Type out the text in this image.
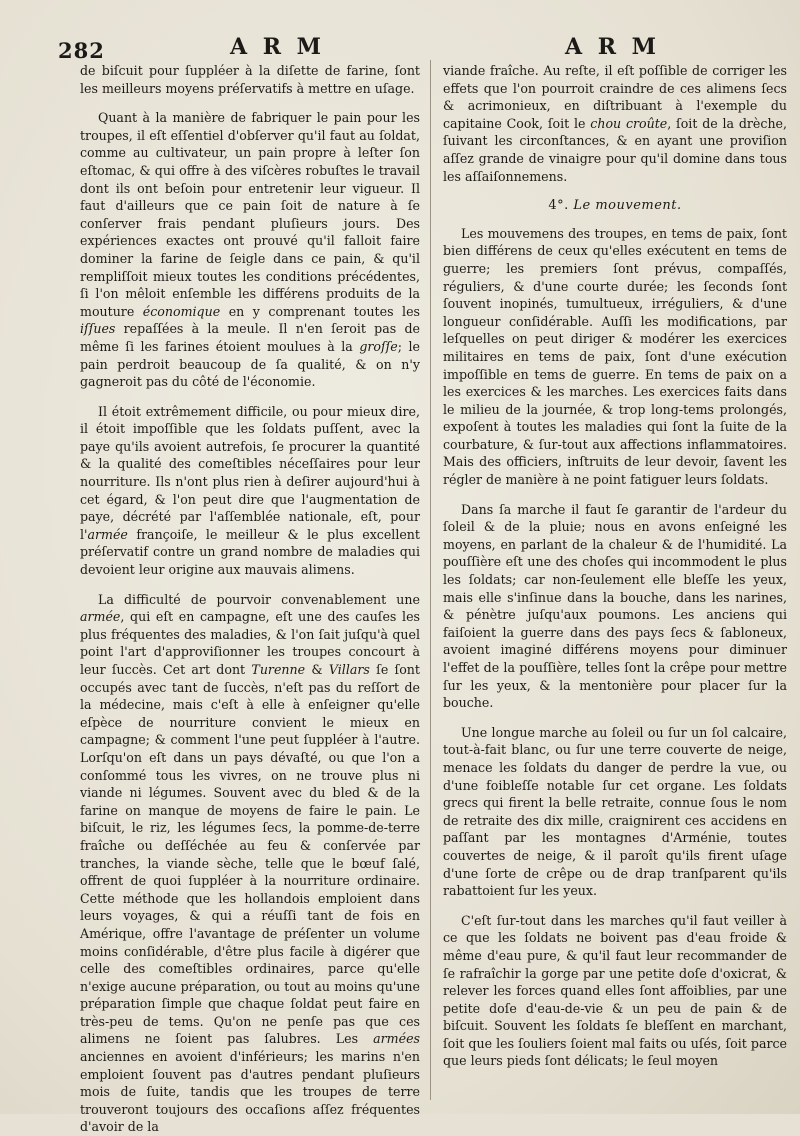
282	A R M	A R M

de biſcuit pour ſuppléer à la diſette de farine, ſont les meilleurs moyens préſervatifs à mettre en uſage.

Quant à la manière de fabriquer le pain pour les troupes, il eſt eſſentiel d'obſerver qu'il faut au ſoldat, comme au cultivateur, un pain propre à leſter ſon eſtomac, & qui offre à des viſcères robuſtes le travail dont ils ont beſoin pour entretenir leur vigueur. Il faut d'ailleurs que ce pain ſoit de nature à ſe conſerver frais pendant pluſieurs jours. Des expériences exactes ont prouvé qu'il falloit faire dominer la farine de ſeigle dans ce pain, & qu'il rempliſſoit mieux toutes les conditions précédentes, ſi l'on mêloit enſemble les différens produits de la mouture économique en y comprenant toutes les iſſues repaſſées à la meule. Il n'en ſeroit pas de même ſi les farines étoient moulues à la groſſe; le pain perdroit beaucoup de ſa qualité, & on n'y gagneroit pas du côté de l'économie.

Il étoit extrêmement difficile, ou pour mieux dire, il étoit impoſſible que les ſoldats puſſent, avec la paye qu'ils avoient autrefois, ſe procurer la quantité & la qualité des comeſtibles néceſſaires pour leur nourriture. Ils n'ont plus rien à deſirer aujourd'hui à cet égard, & l'on peut dire que l'augmentation de paye, décrété par l'aſſemblée nationale, eſt, pour l'armée françoiſe, le meilleur & le plus excellent préſervatif contre un grand nombre de maladies qui devoient leur origine aux mauvais alimens.

La difficulté de pourvoir convenablement une armée, qui eſt en campagne, eſt une des cauſes les plus fréquentes des maladies, & l'on ſait juſqu'à quel point l'art d'approviſionner les troupes concourt à leur ſuccès. Cet art dont Turenne & Villars ſe ſont occupés avec tant de ſuccès, n'eſt pas du reſſort de la médecine, mais c'eſt à elle à enſeigner qu'elle eſpèce de nourriture convient le mieux en campagne; & comment l'une peut ſuppléer à l'autre. Lorſqu'on eſt dans un pays dévaſté, ou que l'on a conſommé tous les vivres, on ne trouve plus ni viande ni légumes. Souvent avec du bled & de la farine on manque de moyens de faire le pain. Le biſcuit, le riz, les légumes ſecs, la pomme-de-terre fraîche ou deſſéchée au feu & conſervée par tranches, la viande sèche, telle que le bœuf ſalé, offrent de quoi ſuppléer à la nourriture ordinaire. Cette méthode que les hollandois emploient dans leurs voyages, & qui a réuſſi tant de fois en Amérique, offre l'avantage de préſenter un volume moins conſidérable, d'être plus facile à digérer que celle des comeſtibles ordinaires, parce qu'elle n'exige aucune préparation, ou tout au moins qu'une préparation ſimple que chaque ſoldat peut faire en très-peu de tems. Qu'on ne penſe pas que ces alimens ne ſoient pas ſalubres. Les armées anciennes en avoient d'inférieurs; les marins n'en emploient ſouvent pas d'autres pendant pluſieurs mois de ſuite, tandis que les troupes de terre trouveront toujours des occaſions aſſez fréquentes d'avoir de la

viande fraîche. Au reſte, il eſt poſſible de corriger les effets que l'on pourroit craindre de ces alimens ſecs & acrimonieux, en diſtribuant à l'exemple du capitaine Cook, ſoit le chou croûte, ſoit de la drèche, ſuivant les circonſtances, & en ayant une proviſion aſſez grande de vinaigre pour qu'il domine dans tous les aſſaiſonnemens.

4°. Le mouvement.

Les mouvemens des troupes, en tems de paix, ſont bien différens de ceux qu'elles exécutent en tems de guerre; les premiers ſont prévus, compaſſés, réguliers, & d'une courte durée; les ſeconds ſont ſouvent inopinés, tumultueux, irréguliers, & d'une longueur conſidérable. Auſſi les modifications, par leſquelles on peut diriger & modérer les exercices militaires en tems de paix, ſont d'une exécution impoſſible en tems de guerre. En tems de paix on a les exercices & les marches. Les exercices faits dans le milieu de la journée, & trop long-tems prolongés, expoſent à toutes les maladies qui ſont la ſuite de la courbature, & ſur-tout aux affections inflammatoires. Mais des officiers, inſtruits de leur devoir, ſavent les régler de manière à ne point fatiguer leurs ſoldats.

Dans ſa marche il faut ſe garantir de l'ardeur du ſoleil & de la pluie; nous en avons enſeigné les moyens, en parlant de la chaleur & de l'humidité. La pouſſière eſt une des choſes qui incommodent le plus les ſoldats; car non-ſeulement elle bleſſe les yeux, mais elle s'inſinue dans la bouche, dans les narines, & pénètre juſqu'aux poumons. Les anciens qui faiſoient la guerre dans des pays ſecs & ſabloneux, avoient imaginé différens moyens pour diminuer l'effet de la pouſſière, telles ſont la crêpe pour mettre ſur les yeux, & la mentonière pour placer ſur la bouche.

Une longue marche au ſoleil ou ſur un ſol calcaire, tout-à-fait blanc, ou ſur une terre couverte de neige, menace les ſoldats du danger de perdre la vue, ou d'une foibleſſe notable ſur cet organe. Les ſoldats grecs qui firent la belle retraite, connue ſous le nom de retraite des dix mille, craignirent ces accidens en paſſant par les montagnes d'Arménie, toutes couvertes de neige, & il paroît qu'ils firent uſage d'une ſorte de crêpe ou de drap tranſparent qu'ils rabattoient ſur les yeux.

C'eſt ſur-tout dans les marches qu'il faut veiller à ce que les ſoldats ne boivent pas d'eau froide & même d'eau pure, & qu'il faut leur recommander de ſe rafraîchir la gorge par une petite doſe d'oxicrat, & relever les forces quand elles ſont affoiblies, par une petite doſe d'eau-de-vie & un peu de pain & de biſcuit. Souvent les ſoldats ſe bleſſent en marchant, ſoit que les ſouliers ſoient mal faits ou uſés, ſoit parce que leurs pieds ſont délicats; le ſeul moyen
